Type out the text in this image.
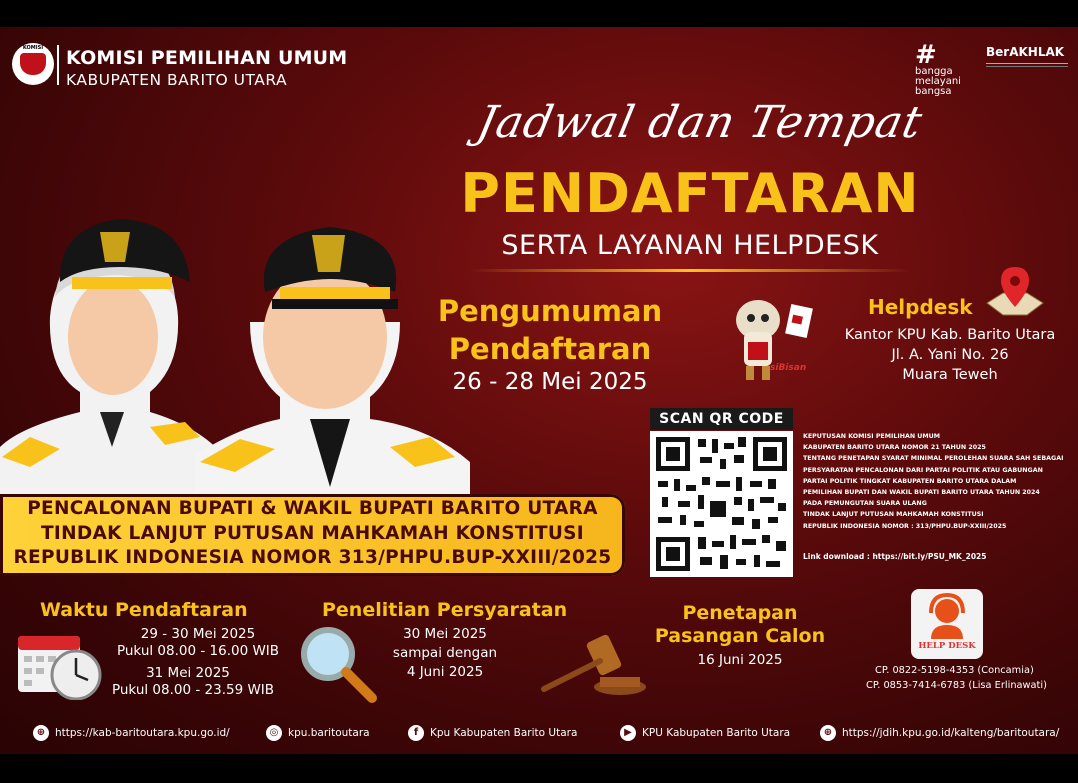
KOMISI	KOMISI PEMILIHAN UMUM
KABUPATEN BARITO UTARA
#
bangga
melayani
bangsa
BerAKHLAK
Jadwal dan Tempat
PENDAFTARAN
SERTA LAYANAN HELPDESK
Pengumuman
Pendaftaran
26 - 28 Mei 2025
siBisan
Helpdesk
Kantor KPU Kab. Barito Utara
Jl. A. Yani No. 26
Muara Teweh
SCAN QR CODE
KEPUTUSAN KOMISI PEMILIHAN UMUM
KABUPATEN BARITO UTARA NOMOR 21 TAHUN 2025
TENTANG PENETAPAN SYARAT MINIMAL PEROLEHAN SUARA SAH SEBAGAI
PERSYARATAN PENCALONAN DARI PARTAI POLITIK ATAU GABUNGAN
PARTAI POLITIK TINGKAT KABUPATEN BARITO UTARA DALAM
PEMILIHAN BUPATI DAN WAKIL BUPATI BARITO UTARA TAHUN 2024
PADA PEMUNGUTAN SUARA ULANG
TINDAK LANJUT PUTUSAN MAHKAMAH KONSTITUSI
REPUBLIK INDONESIA NOMOR : 313/PHPU.BUP-XXIII/2025
Link download : https://bit.ly/PSU_MK_2025
PENCALONAN BUPATI & WAKIL BUPATI BARITO UTARA
TINDAK LANJUT PUTUSAN MAHKAMAH KONSTITUSI
REPUBLIK INDONESIA NOMOR 313/PHPU.BUP-XXIII/2025
Waktu Pendaftaran
29 - 30 Mei 2025
Pukul 08.00 - 16.00 WIB
31 Mei 2025
Pukul 08.00 - 23.59 WIB
Penelitian Persyaratan
30 Mei 2025
sampai dengan
4 Juni 2025
Penetapan
Pasangan Calon
16 Juni 2025
HELP DESK
CP. 0822-5198-4353 (Concamia)
CP. 0853-7414-6783 (Lisa Erlinawati)
⊕ https://kab-baritoutara.kpu.go.id/	◎ kpu.baritoutara	f Kpu Kabupaten Barito Utara	▶ KPU Kabupaten Barito Utara	⊕ https://jdih.kpu.go.id/kalteng/baritoutara/
